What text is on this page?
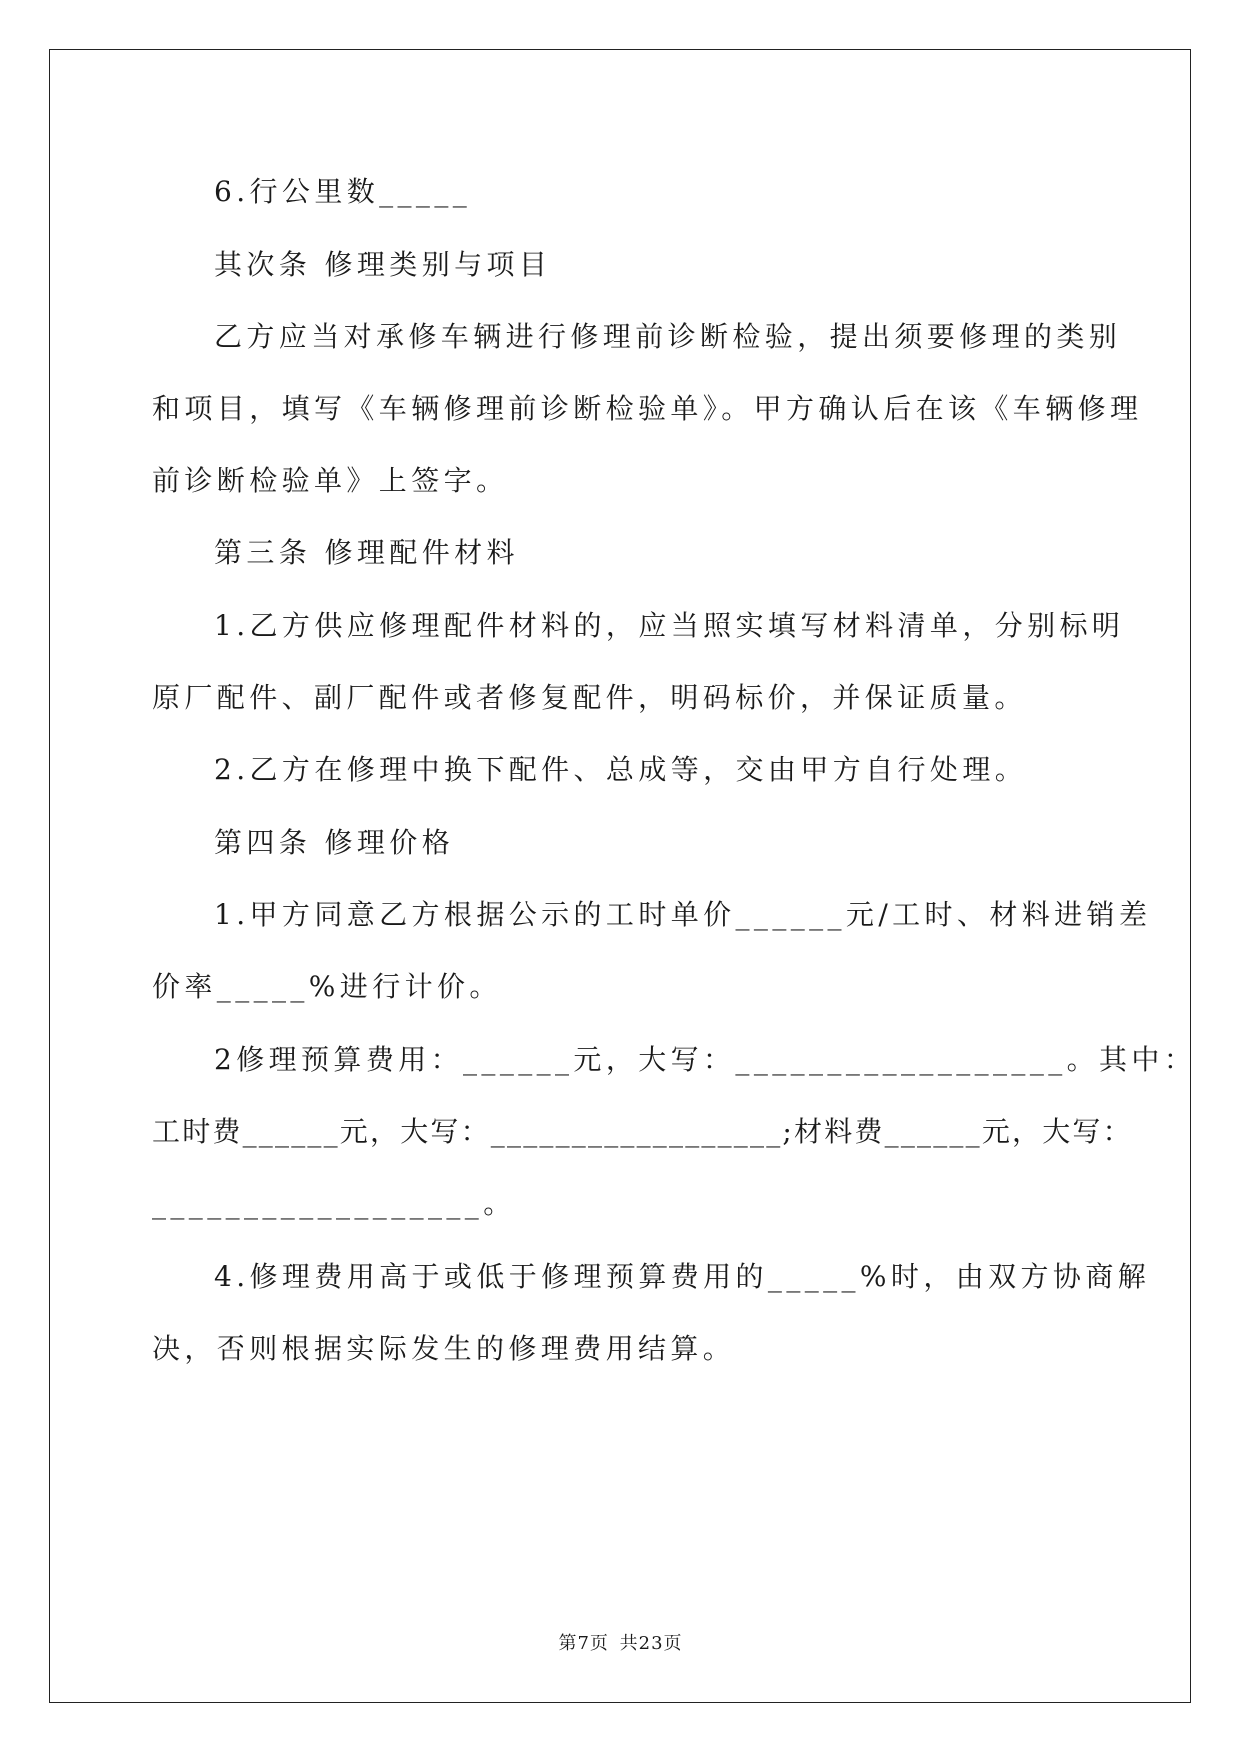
6.行公里数_____
其次条 修理类别与项目
乙方应当对承修车辆进行修理前诊断检验，提出须要修理的类别
和项目，填写《车辆修理前诊断检验单》。甲方确认后在该《车辆修理
前诊断检验单》上签字。
第三条 修理配件材料
1.乙方供应修理配件材料的，应当照实填写材料清单，分别标明
原厂配件、副厂配件或者修复配件，明码标价，并保证质量。
2.乙方在修理中换下配件、总成等，交由甲方自行处理。
第四条 修理价格
1.甲方同意乙方根据公示的工时单价______元/工时、材料进销差
价率_____%进行计价。
2修理预算费用：______元，大写：__________________。其中：
工时费______元，大写：__________________;材料费______元，大写：
__________________。
4.修理费用高于或低于修理预算费用的_____%时，由双方协商解
决，否则根据实际发生的修理费用结算。
第7页 共23页
